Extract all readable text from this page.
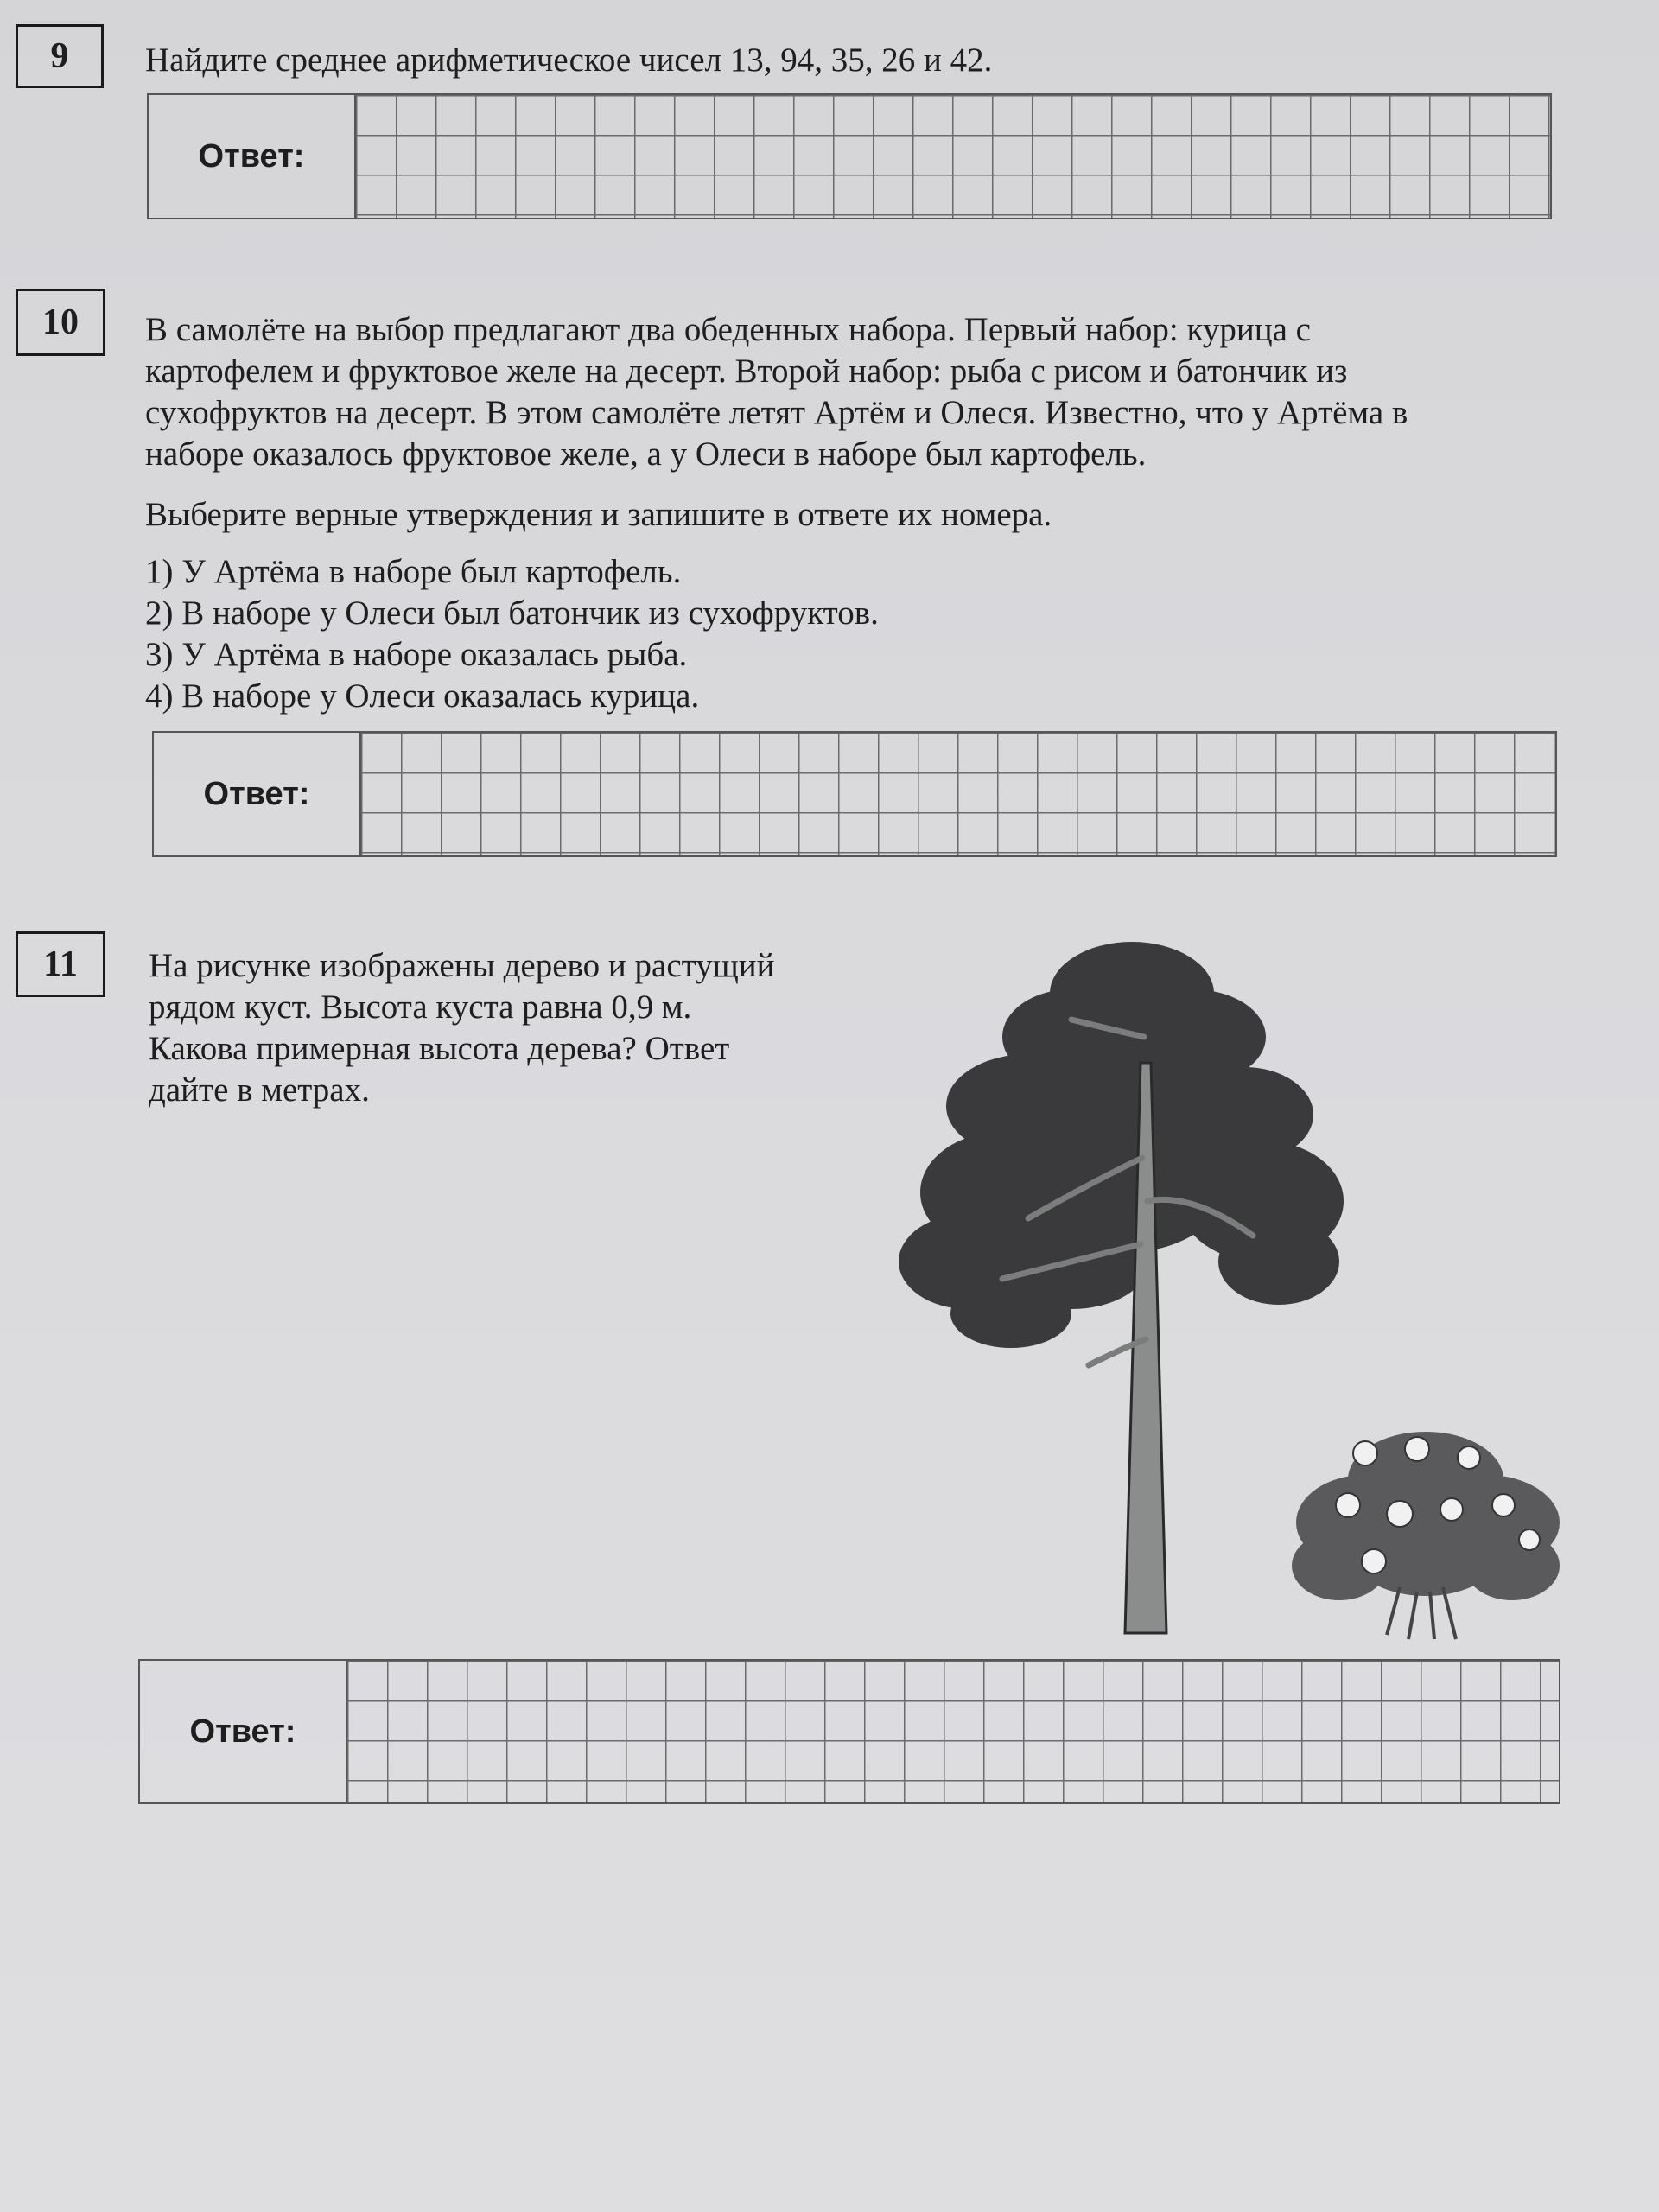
9	Найдите среднее арифметическое чисел 13, 94, 35, 26 и 42.
Ответ:
10	В самолёте на выбор предлагают два обеденных набора. Первый набор: курица с
картофелем и фруктовое желе на десерт. Второй набор: рыба с рисом и батончик из
сухофруктов на десерт. В этом самолёте летят Артём и Олеся. Известно, что у Артёма в
наборе оказалось фруктовое желе, а у Олеси в наборе был картофель.
Выберите верные утверждения и запишите в ответе их номера.
1) У Артёма в наборе был картофель.
2) В наборе у Олеси был батончик из сухофруктов.
3) У Артёма в наборе оказалась рыба.
4) В наборе у Олеси оказалась курица.
Ответ:
11	На рисунке изображены дерево и растущий
рядом куст. Высота куста равна 0,9 м.
Какова примерная высота дерева? Ответ
дайте в метрах.
Ответ:
